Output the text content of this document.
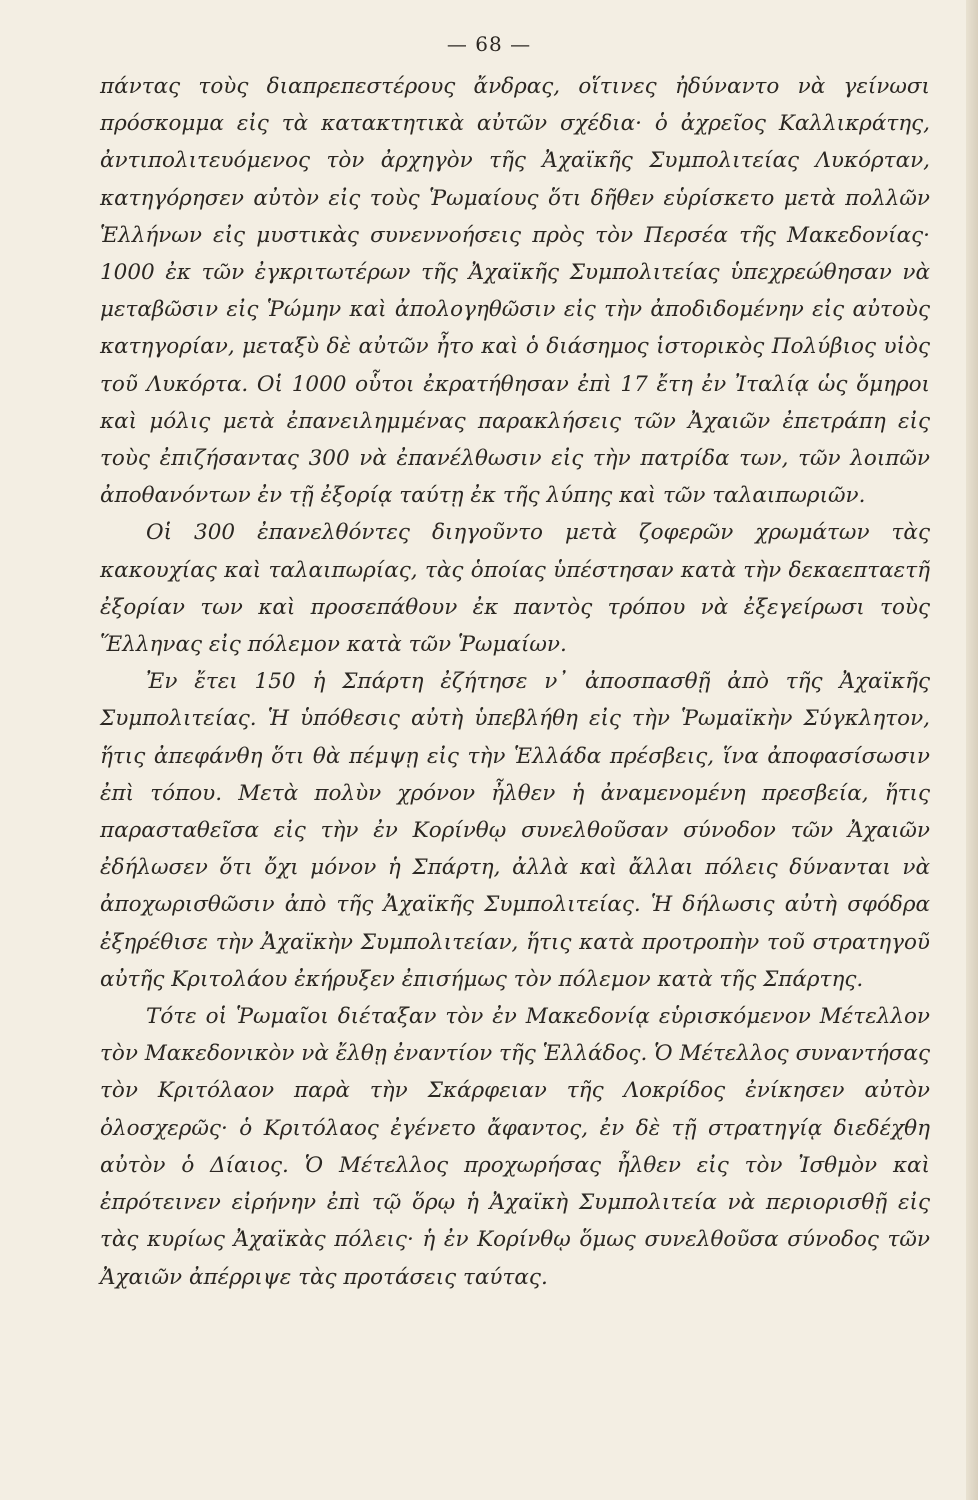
— 68 —

πάντας τοὺς διαπρεπεστέρους ἄνδρας, οἵτινες ἠδύναντο νὰ γείνωσι πρόσκομμα εἰς τὰ κατακτητικὰ αὐτῶν σχέδια· ὁ ἀχρεῖος Καλλικράτης, ἀντιπολιτευόμενος τὸν ἀρχηγὸν τῆς Ἀχαϊκῆς Συμπολιτείας Λυκόρταν, κατηγόρησεν αὐτὸν εἰς τοὺς Ῥωμαίους ὅτι δῆθεν εὑρίσκετο μετὰ πολλῶν Ἑλλήνων εἰς μυστικὰς συνεννοήσεις πρὸς τὸν Περσέα τῆς Μακεδονίας· 1000 ἐκ τῶν ἐγκριτωτέρων τῆς Ἀχαϊκῆς Συμπολιτείας ὑπεχρεώθησαν νὰ μεταβῶσιν εἰς Ῥώμην καὶ ἀπολογηθῶσιν εἰς τὴν ἀποδιδομένην εἰς αὐτοὺς κατηγορίαν, μεταξὺ δὲ αὐτῶν ἦτο καὶ ὁ διάσημος ἱστορικὸς Πολύβιος υἱὸς τοῦ Λυκόρτα. Οἱ 1000 οὗτοι ἐκρατήθησαν ἐπὶ 17 ἔτη ἐν Ἰταλίᾳ ὡς ὅμηροι καὶ μόλις μετὰ ἐπανειλημμένας παρακλήσεις τῶν Ἀχαιῶν ἐπετράπη εἰς τοὺς ἐπιζήσαντας 300 νὰ ἐπανέλθωσιν εἰς τὴν πατρίδα των, τῶν λοιπῶν ἀποθανόντων ἐν τῇ ἐξορίᾳ ταύτῃ ἐκ τῆς λύπης καὶ τῶν ταλαιπωριῶν.

Οἱ 300 ἐπανελθόντες διηγοῦντο μετὰ ζοφερῶν χρωμάτων τὰς κακουχίας καὶ ταλαιπωρίας, τὰς ὁποίας ὑπέστησαν κατὰ τὴν δεκαεπταετῆ ἐξορίαν των καὶ προσεπάθουν ἐκ παντὸς τρόπου νὰ ἐξεγείρωσι τοὺς Ἕλληνας εἰς πόλεμον κατὰ τῶν Ῥωμαίων.

Ἐν ἔτει 150 ἡ Σπάρτη ἐζήτησε ν᾿ ἀποσπασθῇ ἀπὸ τῆς Ἀχαϊκῆς Συμπολιτείας. Ἡ ὑπόθεσις αὐτὴ ὑπεβλήθη εἰς τὴν Ῥωμαϊκὴν Σύγκλητον, ἥτις ἀπεφάνθη ὅτι θὰ πέμψῃ εἰς τὴν Ἑλλάδα πρέσβεις, ἵνα ἀποφασίσωσιν ἐπὶ τόπου. Μετὰ πολὺν χρόνον ἦλθεν ἡ ἀναμενομένη πρεσβεία, ἥτις παρασταθεῖσα εἰς τὴν ἐν Κορίνθῳ συνελθοῦσαν σύνοδον τῶν Ἀχαιῶν ἐδήλωσεν ὅτι ὄχι μόνον ἡ Σπάρτη, ἀλλὰ καὶ ἄλλαι πόλεις δύνανται νὰ ἀποχωρισθῶσιν ἀπὸ τῆς Ἀχαϊκῆς Συμπολιτείας. Ἡ δήλωσις αὐτὴ σφόδρα ἐξηρέθισε τὴν Ἀχαϊκὴν Συμπολιτείαν, ἥτις κατὰ προτροπὴν τοῦ στρατηγοῦ αὐτῆς Κριτολάου ἐκήρυξεν ἐπισήμως τὸν πόλεμον κατὰ τῆς Σπάρτης.

Τότε οἱ Ῥωμαῖοι διέταξαν τὸν ἐν Μακεδονίᾳ εὑρισκόμενον Μέτελλον τὸν Μακεδονικὸν νὰ ἔλθῃ ἐναντίον τῆς Ἑλλάδος. Ὁ Μέτελλος συναντήσας τὸν Κριτόλαον παρὰ τὴν Σκάρφειαν τῆς Λοκρίδος ἐνίκησεν αὐτὸν ὁλοσχερῶς· ὁ Κριτόλαος ἐγένετο ἄφαντος, ἐν δὲ τῇ στρατηγίᾳ διεδέχθη αὐτὸν ὁ Δίαιος. Ὁ Μέτελλος προχωρήσας ἦλθεν εἰς τὸν Ἰσθμὸν καὶ ἐπρότεινεν εἰρήνην ἐπὶ τῷ ὅρῳ ἡ Ἀχαϊκὴ Συμπολιτεία νὰ περιορισθῇ εἰς τὰς κυρίως Ἀχαϊκὰς πόλεις· ἡ ἐν Κορίνθῳ ὅμως συνελθοῦσα σύνοδος τῶν Ἀχαιῶν ἀπέρριψε τὰς προτάσεις ταύτας.
